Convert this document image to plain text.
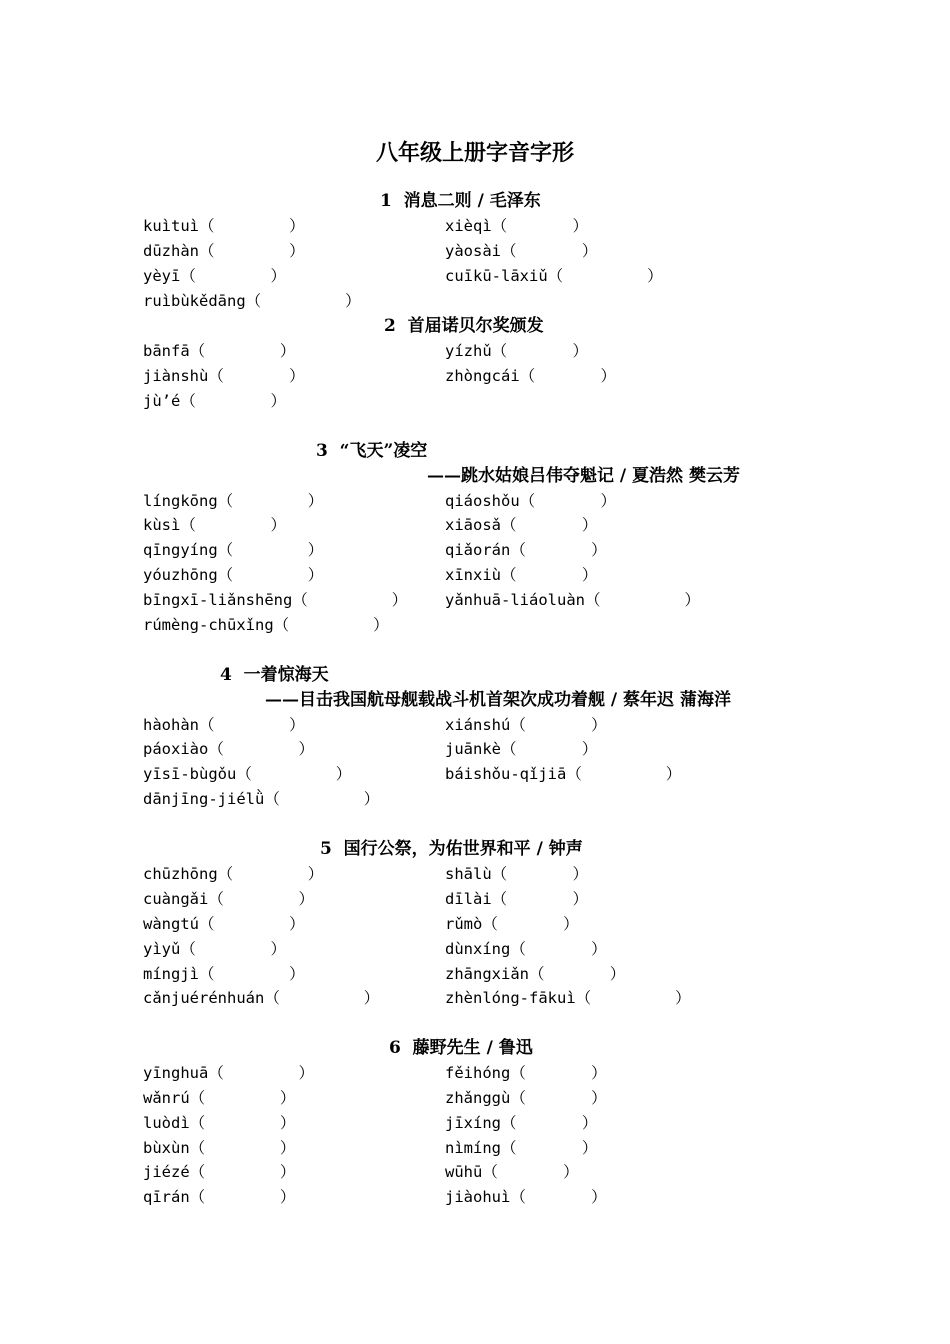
八年级上册字音字形
1  消息二则 / 毛泽东
kuìtuì（        ）	xièqì（       ）
dūzhàn（        ）	yàosài（       ）
yèyī（        ）	cuīkū-lāxiǔ（         ）
ruìbùkědāng（         ）
2  首届诺贝尔奖颁发
bānfā（        ）	yízhǔ（       ）
jiànshù（       ）	zhòngcái（       ）
jù’é（        ）
3  “飞天”凌空
——跳水姑娘吕伟夺魁记 / 夏浩然 樊云芳
língkōng（        ）	qiáoshǒu（       ）
kùsì（        ）	xiāosǎ（       ）
qīngyíng（        ）	qiǎorán（       ）
yóuzhōng（        ）	xīnxiù（       ）
bīngxī-liǎnshēng（         ） yǎnhuā-liáoluàn（         ）
rúmèng-chūxǐng（         ）
4  一着惊海天
——目击我国航母舰载战斗机首架次成功着舰 / 蔡年迟 蒲海洋
hàohàn（        ）	xiánshú（       ）
páoxiào（        ）	juānkè（       ）
yīsī-bùgǒu（         ）	báishǒu-qǐjiā（         ）
dānjīng-jiélǜ（         ）
5  国行公祭，为佑世界和平 / 钟声
chūzhōng（        ）	shālù（       ）
cuàngǎi（        ）	dīlài（       ）
wàngtú（        ）	rǔmò（       ）
yìyǔ（        ）	dùnxíng（       ）
míngjì（        ）	zhāngxiǎn（       ）
cǎnjuérénhuán（         ）	zhènlóng-fākuì（         ）
6  藤野先生 / 鲁迅
yīnghuā（        ）	fěihóng（       ）
wǎnrú（        ）	zhǎnggù（       ）
luòdì（        ）	jīxíng（       ）
bùxùn（        ）	nìmíng（       ）
jiézé（        ）	wūhū（       ）
qīrán（        ）	jiàohuì（       ）
